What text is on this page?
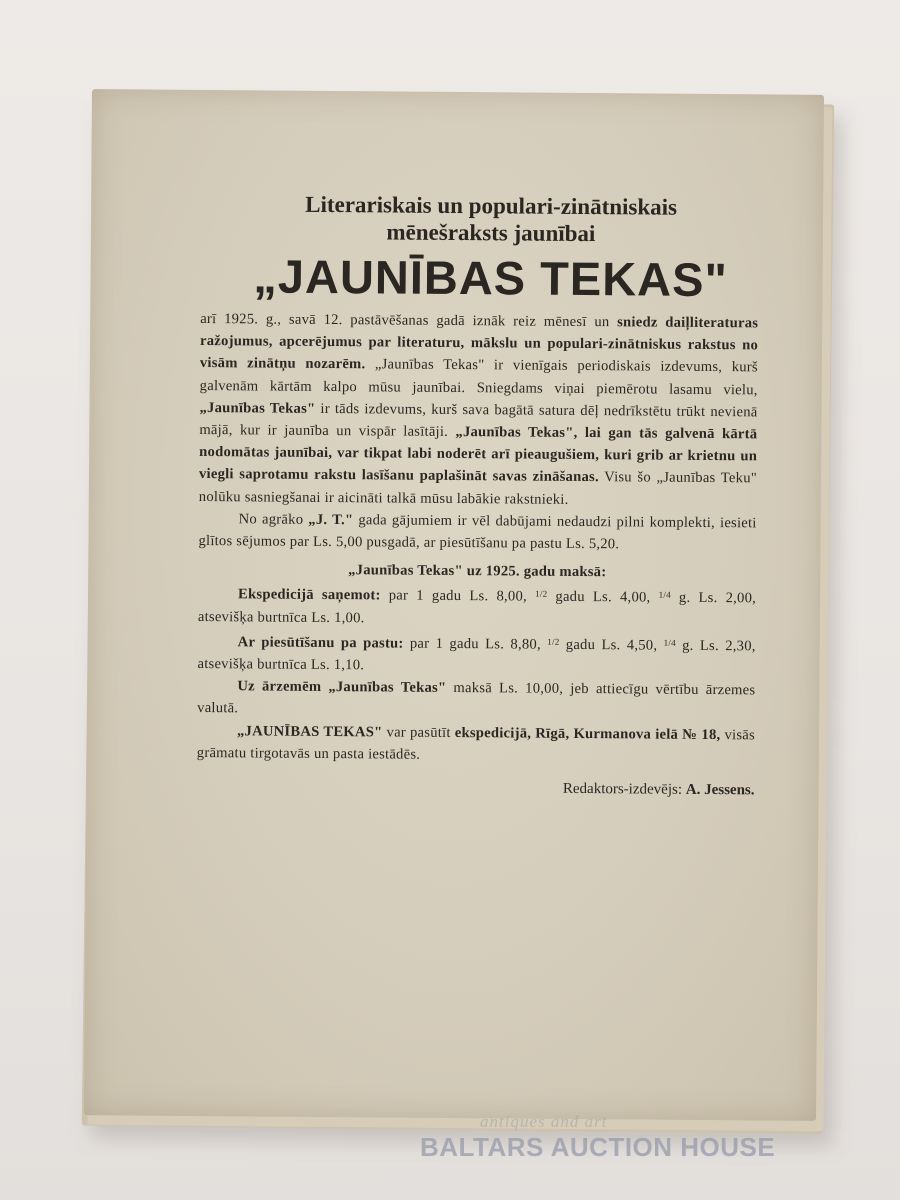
Literariskais un populari-zinātniskais
mēnešraksts jaunībai
„JAUNĪBAS TEKAS"
arī 1925. g., savā 12. pastāvēšanas gadā iznāk reiz mēnesī un sniedz daiļliteraturas ražojumus, apcerējumus par literaturu, mākslu un populari-zinātniskus rakstus no visām zinātņu nozarēm. „Jaunības Tekas" ir vienīgais periodiskais izdevums, kurš galvenām kārtām kalpo mūsu jaunībai. Sniegdams viņai piemērotu lasamu vielu, „Jaunības Tekas" ir tāds izdevums, kurš sava bagātā satura dēļ nedrīkstētu trūkt nevienā mājā, kur ir jaunība un vispār lasītāji. „Jaunības Tekas", lai gan tās galvenā kārtā nodomātas jaunībai, var tikpat labi noderēt arī pieaugušiem, kuri grib ar krietnu un viegli saprotamu rakstu lasīšanu paplašināt savas zināšanas. Visu šo „Jaunības Teku" nolūku sasniegšanai ir aicināti talkā mūsu labākie rakstnieki.
No agrāko „J. T." gada gājumiem ir vēl dabūjami nedaudzi pilni komplekti, iesieti glītos sējumos par Ls. 5,00 pusgadā, ar piesūtīšanu pa pastu Ls. 5,20.
„Jaunības Tekas" uz 1925. gadu maksā:
Ekspedicijā saņemot: par 1 gadu Ls. 8,00, $^{1/2}$ gadu Ls. 4,00, $^{1/4}$ g. Ls. 2,00, atsevišķa burtnīca Ls. 1,00.
Ar piesūtīšanu pa pastu: par 1 gadu Ls. 8,80, $^{1/2}$ gadu Ls. 4,50, $^{1/4}$ g. Ls. 2,30, atsevišķa burtnīca Ls. 1,10.
Uz ārzemēm „Jaunības Tekas" maksā Ls. 10,00, jeb attiecīgu vērtību ārzemes valutā.
„JAUNĪBAS TEKAS" var pasūtīt ekspedicijā, Rīgā, Kurmanova ielā № 18, visās grāmatu tirgotavās un pasta iestādēs.
Redaktors-izdevējs: A. Jessens.
antiques and art
BALTARS AUCTION HOUSE
